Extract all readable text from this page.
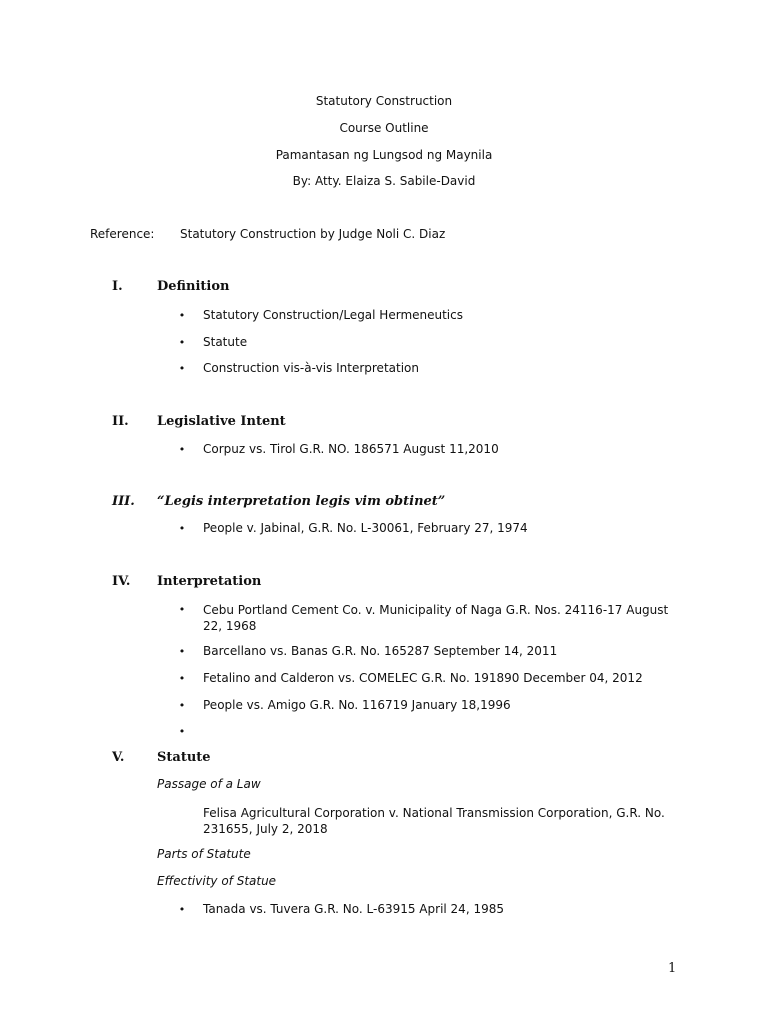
Statutory Construction
Course Outline
Pamantasan ng Lungsod ng Maynila
By: Atty. Elaiza S. Sabile-David
Reference: Statutory Construction by Judge Noli C. Diaz
I.	Definition
• Statutory Construction/Legal Hermeneutics
• Statute
• Construction vis-à-vis Interpretation
II. Legislative Intent
• Corpuz vs. Tirol G.R. NO. 186571 August 11,2010
III. “Legis interpretation legis vim obtinet”
• People v. Jabinal, G.R. No. L-30061, February 27, 1974
IV. Interpretation
• Cebu Portland Cement Co. v. Municipality of Naga G.R. Nos. 24116-17 August 22, 1968
• Barcellano vs. Banas G.R. No. 165287 September 14, 2011
• Fetalino and Calderon vs. COMELEC G.R. No. 191890 December 04, 2012
• People vs. Amigo G.R. No. 116719 January 18,1996
•
V.	Statute
Passage of a Law
Felisa Agricultural Corporation v. National Transmission Corporation, G.R. No. 231655, July 2, 2018
Parts of Statute
Effectivity of Statue
• Tanada vs. Tuvera G.R. No. L-63915 April 24, 1985
1
